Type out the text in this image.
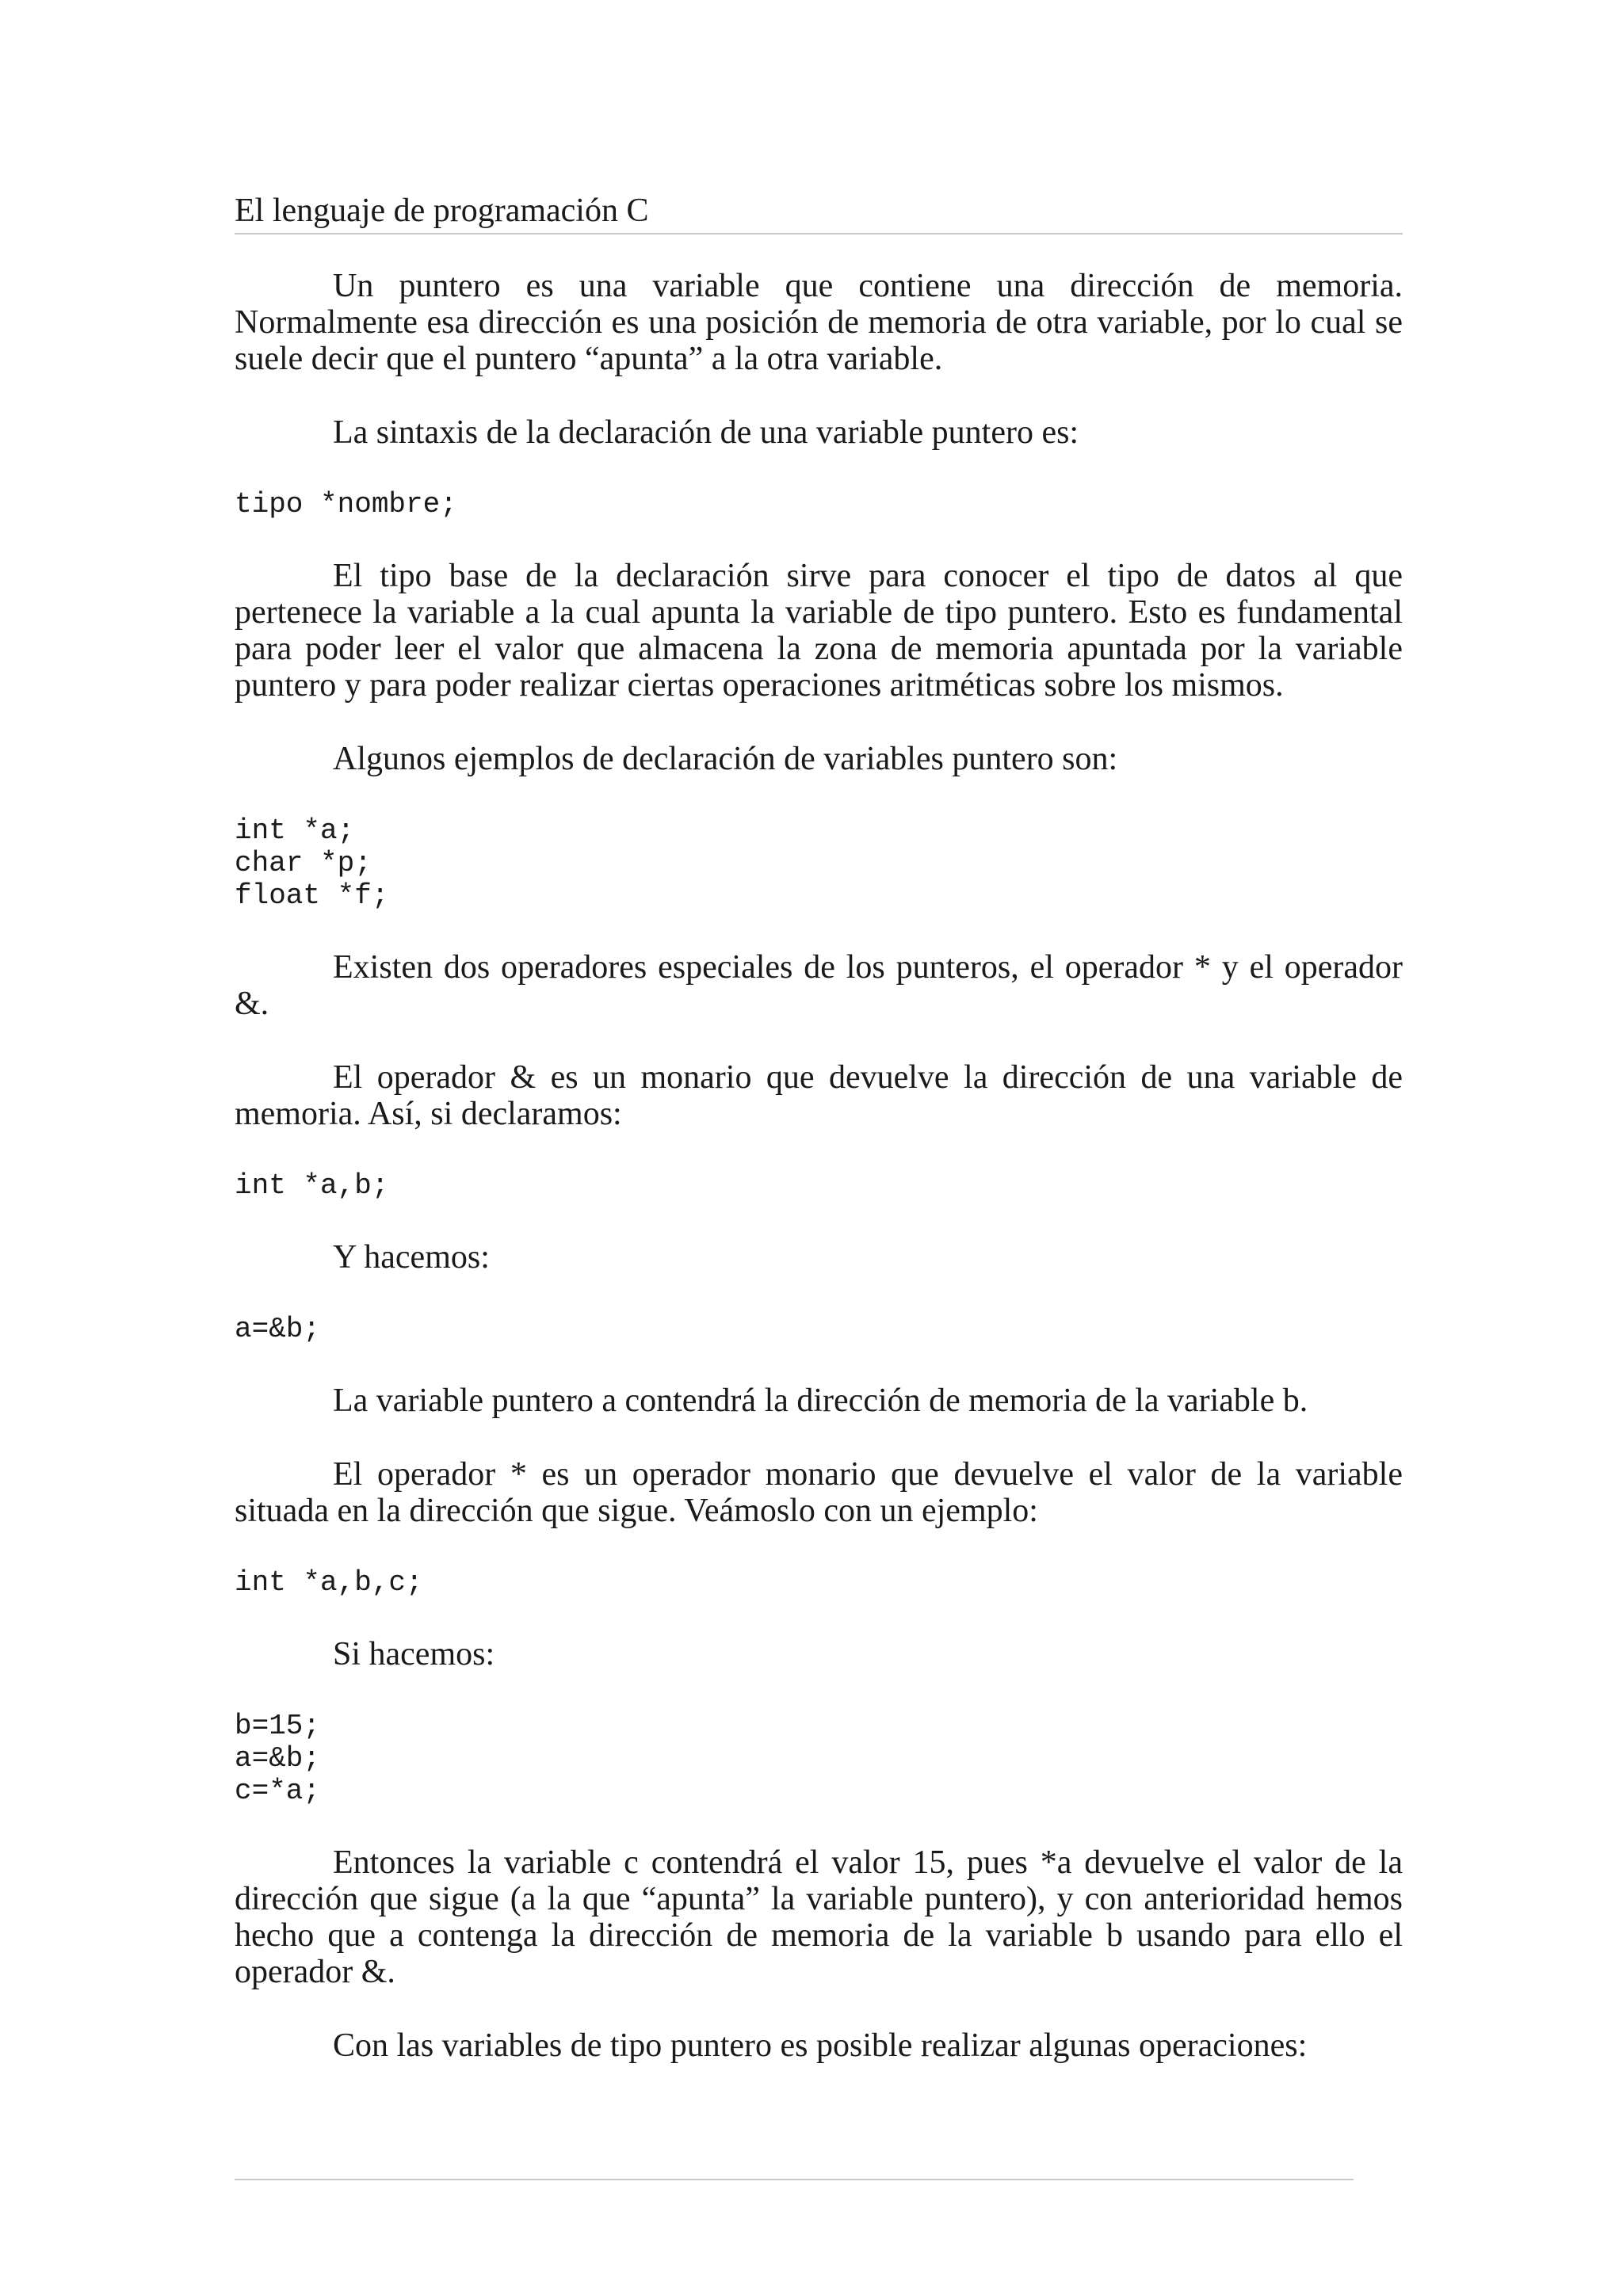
El lenguaje de programación C

Un puntero es una variable que contiene una dirección de memoria. Normalmente esa dirección es una posición de memoria de otra variable, por lo cual se suele decir que el puntero “apunta” a la otra variable.

La sintaxis de la declaración de una variable puntero es:

tipo *nombre;

El tipo base de la declaración sirve para conocer el tipo de datos al que pertenece la variable a la cual apunta la variable de tipo puntero. Esto es fundamental para poder leer el valor que almacena la zona de memoria apuntada por la variable puntero y para poder realizar ciertas operaciones aritméticas sobre los mismos.

Algunos ejemplos de declaración de variables puntero son:

int *a;
char *p;
float *f;

Existen dos operadores especiales de los punteros, el operador * y el operador &.

El operador & es un monario que devuelve la dirección de una variable de memoria. Así, si declaramos:

int *a,b;

Y hacemos:

a=&b;

La variable puntero a contendrá la dirección de memoria de la variable b.

El operador * es un operador monario que devuelve el valor de la variable situada en la dirección que sigue. Veámoslo con un ejemplo:

int *a,b,c;

Si hacemos:

b=15;
a=&b;
c=*a;

Entonces la variable c contendrá el valor 15, pues *a devuelve el valor de la dirección que sigue (a la que “apunta” la variable puntero), y con anterioridad hemos hecho que a contenga la dirección de memoria de la variable b usando para ello el operador &.

Con las variables de tipo puntero es posible realizar algunas operaciones:
